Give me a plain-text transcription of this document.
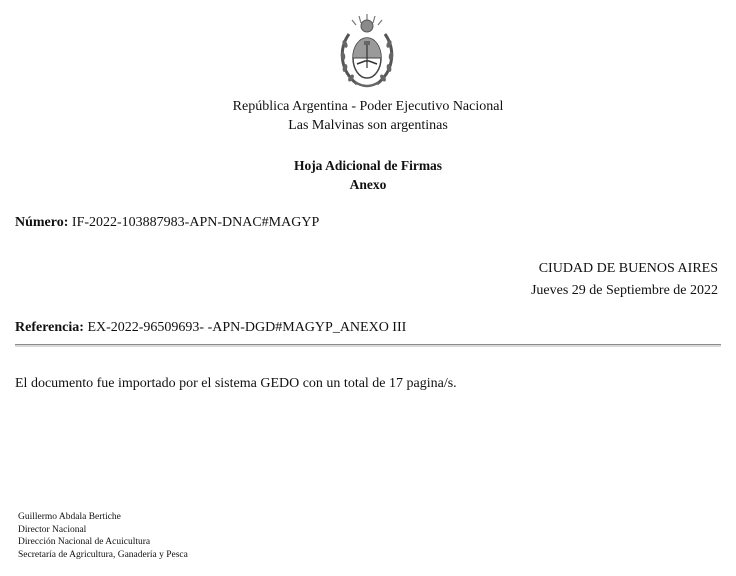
República Argentina - Poder Ejecutivo Nacional
Las Malvinas son argentinas
Hoja Adicional de Firmas
Anexo
Número: IF-2022-103887983-APN-DNAC#MAGYP
CIUDAD DE BUENOS AIRES
Jueves 29 de Septiembre de 2022
Referencia: EX-2022-96509693- -APN-DGD#MAGYP_ANEXO III
El documento fue importado por el sistema GEDO con un total de 17 pagina/s.
Guillermo Abdala Bertiche
Director Nacional
Dirección Nacional de Acuicultura
Secretaría de Agricultura, Ganadería y Pesca
